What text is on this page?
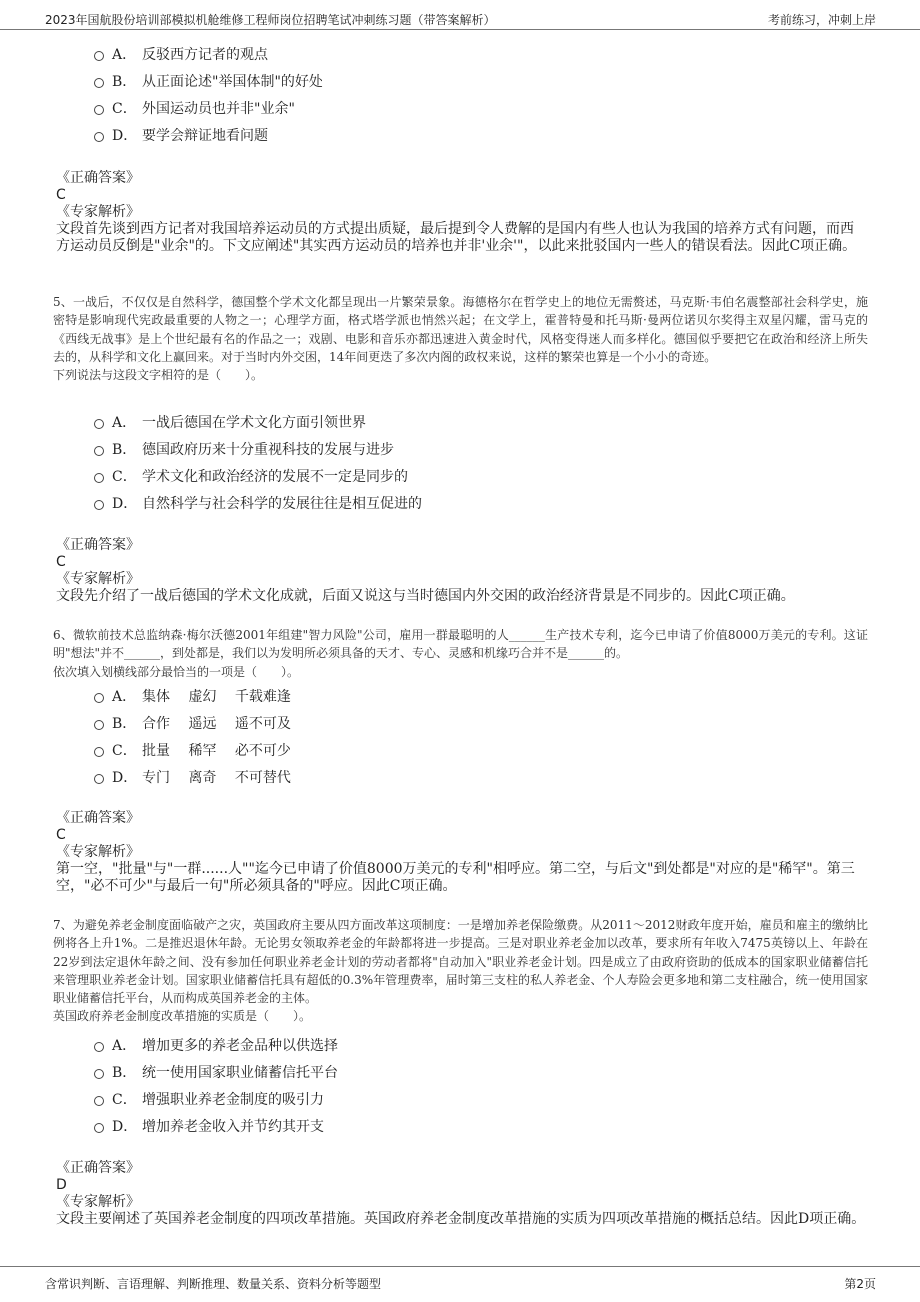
2023年国航股份培训部模拟机舱维修工程师岗位招聘笔试冲刺练习题（带答案解析）	考前练习，冲刺上岸
A． 反驳西方记者的观点
B． 从正面论述"举国体制"的好处
C． 外国运动员也并非"业余"
D． 要学会辩证地看问题
《正确答案》
C
《专家解析》
文段首先谈到西方记者对我国培养运动员的方式提出质疑，最后提到令人费解的是国内有些人也认为我国的培养方式有问题，而西方运动员反倒是"业余"的。下文应阐述"其实西方运动员的培养也并非'业余'"，以此来批驳国内一些人的错误看法。因此C项正确。
5、一战后，不仅仅是自然科学，德国整个学术文化都呈现出一片繁荣景象。海德格尔在哲学史上的地位无需赘述，马克斯·韦伯名震整部社会科学史，施密特是影响现代宪政最重要的人物之一；心理学方面，格式塔学派也悄然兴起；在文学上，霍普特曼和托马斯·曼两位诺贝尔奖得主双星闪耀，雷马克的《西线无战事》是上个世纪最有名的作品之一；戏剧、电影和音乐亦都迅速进入黄金时代，风格变得迷人而多样化。德国似乎要把它在政治和经济上所失去的，从科学和文化上赢回来。对于当时内外交困，14年间更迭了多次内阁的政权来说，这样的繁荣也算是一个小小的奇迹。
下列说法与这段文字相符的是（　　）。
A． 一战后德国在学术文化方面引领世界
B． 德国政府历来十分重视科技的发展与进步
C． 学术文化和政治经济的发展不一定是同步的
D． 自然科学与社会科学的发展往往是相互促进的
《正确答案》
C
《专家解析》
文段先介绍了一战后德国的学术文化成就，后面又说这与当时德国内外交困的政治经济背景是不同步的。因此C项正确。
6、微软前技术总监纳森·梅尔沃德2001年组建"智力风险"公司，雇用一群最聪明的人______生产技术专利，迄今已申请了价值8000万美元的专利。这证明"想法"并不______，到处都是，我们以为发明所必须具备的天才、专心、灵感和机缘巧合并不是______的。
依次填入划横线部分最恰当的一项是（　　）。
A． 集体　 虚幻　 千载难逢
B． 合作　 遥远　 遥不可及
C． 批量　 稀罕　 必不可少
D． 专门　 离奇　 不可替代
《正确答案》
C
《专家解析》
第一空，"批量"与"一群......人""迄今已申请了价值8000万美元的专利"相呼应。第二空，与后文"到处都是"对应的是"稀罕"。第三空，"必不可少"与最后一句"所必须具备的"呼应。因此C项正确。
7、为避免养老金制度面临破产之灾，英国政府主要从四方面改革这项制度：一是增加养老保险缴费。从2011～2012财政年度开始，雇员和雇主的缴纳比例将各上升1%。二是推迟退休年龄。无论男女领取养老金的年龄都将进一步提高。三是对职业养老金加以改革，要求所有年收入7475英镑以上、年龄在22岁到法定退休年龄之间、没有参加任何职业养老金计划的劳动者都将"自动加入"职业养老金计划。四是成立了由政府资助的低成本的国家职业储蓄信托来管理职业养老金计划。国家职业储蓄信托具有超低的0.3%年管理费率，届时第三支柱的私人养老金、个人寿险会更多地和第二支柱融合，统一使用国家职业储蓄信托平台，从而构成英国养老金的主体。
英国政府养老金制度改革措施的实质是（　　）。
A． 增加更多的养老金品种以供选择
B． 统一使用国家职业储蓄信托平台
C． 增强职业养老金制度的吸引力
D． 增加养老金收入并节约其开支
《正确答案》
D
《专家解析》
文段主要阐述了英国养老金制度的四项改革措施。英国政府养老金制度改革措施的实质为四项改革措施的概括总结。因此D项正确。
含常识判断、言语理解、判断推理、数量关系、资料分析等题型	第2页
